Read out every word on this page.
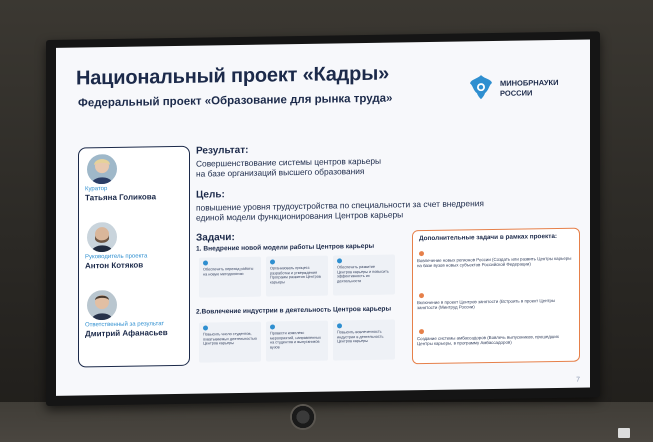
Национальный проект «Кадры»
Федеральный проект «Образование для рынка труда»
МИНОБРНАУКИ
РОССИИ
Куратор
Татьяна Голикова
Руководитель проекта
Антон Котяков
Ответственный за результат
Дмитрий Афанасьев
Результат:
Совершенствование системы центров карьеры
на базе организаций высшего образования
Цель:
повышение уровня трудоустройства по специальности за счет внедрения
единой модели функционирования Центров карьеры
Задачи:
1. Внедрение новой модели работы Центров карьеры
Обеспечить переход работы на новую методологию
Организовать процесс разработки и утверждения Программ развития Центров карьеры
Обеспечить развитие Центров карьеры и повысить эффективность их деятельности
2.Вовлечение индустрии в деятельность Центров карьеры
Повысить число студентов, охватываемых деятельностью Центров карьеры
Провести комплекс мероприятий, направленных на студентов и выпускников вузов
Повысить вовлеченность индустрии в деятельность Центров карьеры
Дополнительные задачи в рамках проекта:
Вовлечение новых регионов России (Создать или развить Центры карьеры на базе вузов новых субъектов Российской Федерации)
Включение в проект Центров занятости (Встроить в проект Центры занятости (Минтруд России)
Создание системы амбассадоров (Вовлечь выпускников, прошедших Центры карьеры, в программу Амбассадоров)
7
